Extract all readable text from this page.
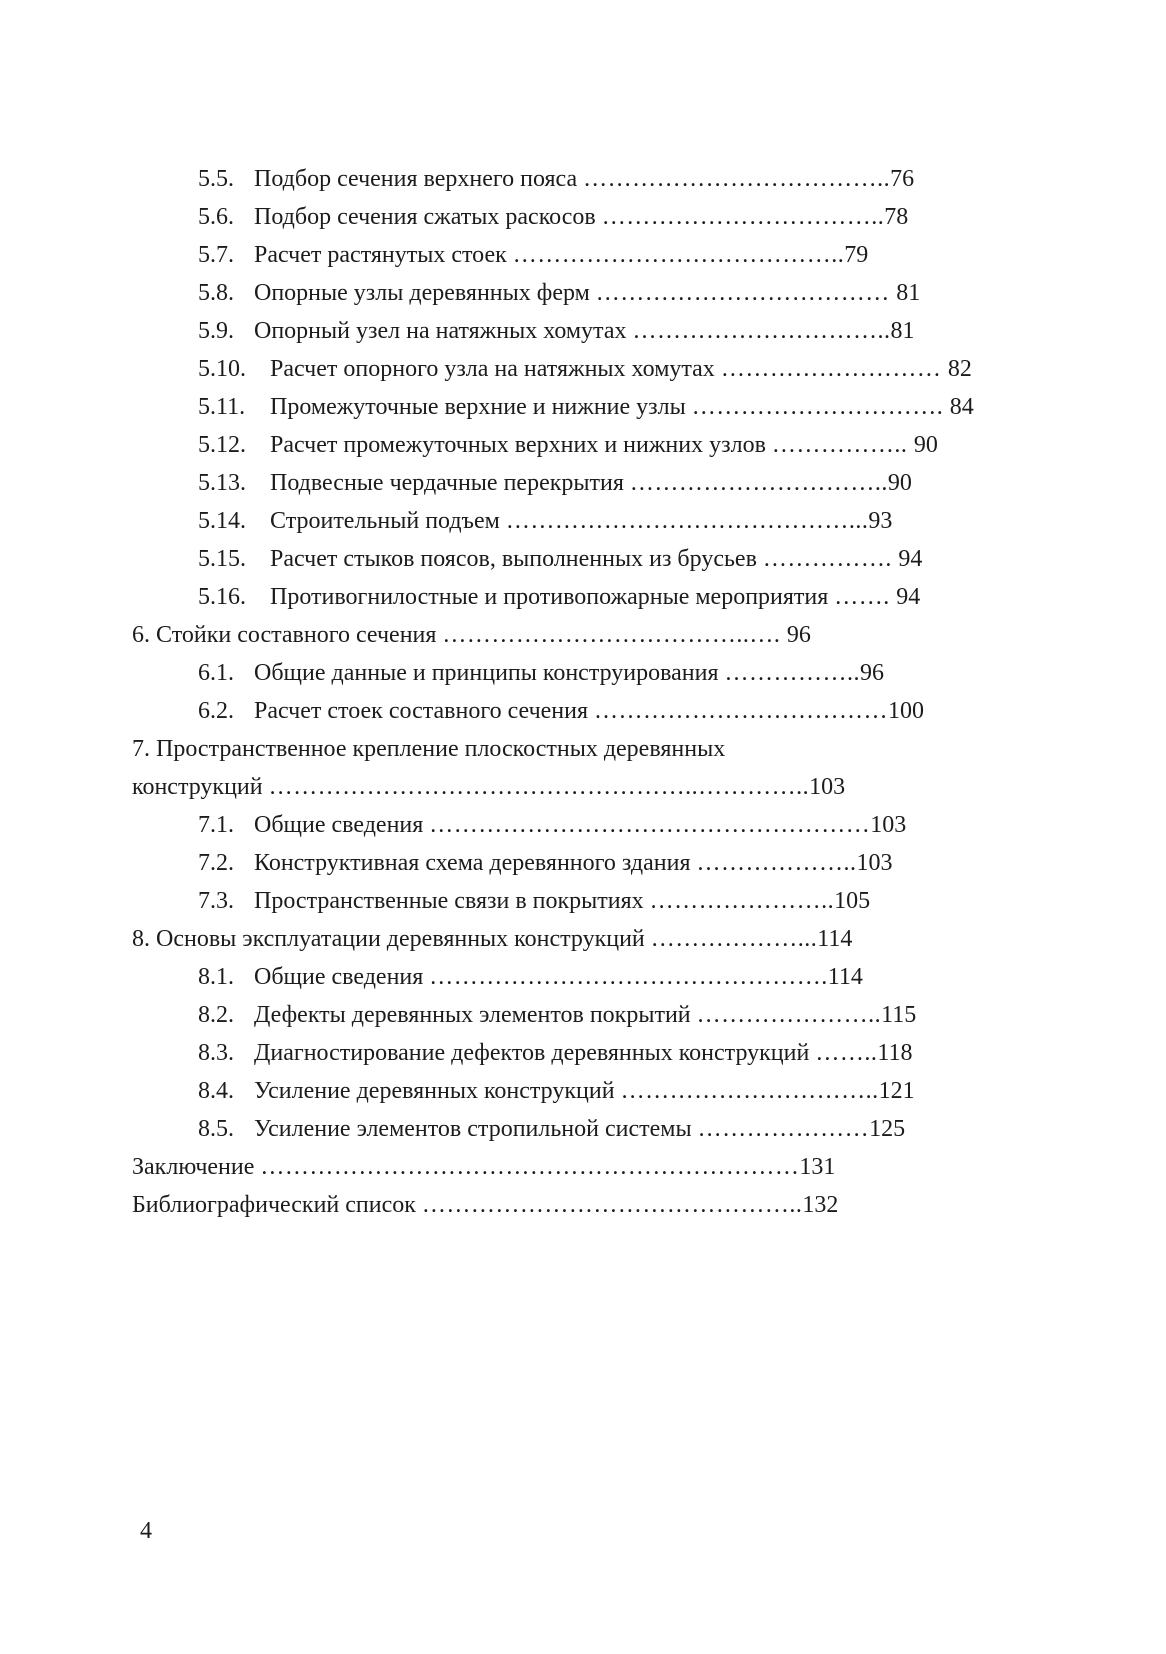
5.5. Подбор сечения верхнего пояса ………………………………..76
5.6. Подбор сечения сжатых раскосов ……………………………..78
5.7. Расчет растянутых стоек …………………………………..79
5.8. Опорные узлы деревянных ферм ……………………………… 81
5.9. Опорный узел на натяжных хомутах …………………………..81
5.10. Расчет опорного узла на натяжных хомутах ……………………… 82
5.11. Промежуточные верхние и нижние узлы …………………………. 84
5.12. Расчет промежуточных верхних и нижних узлов …………….. 90
5.13. Подвесные чердачные перекрытия …………………………..90
5.14. Строительный подъем ……………………………………...93
5.15. Расчет стыков поясов, выполненных из брусьев ……………. 94
5.16. Противогнилостные и противопожарные мероприятия ……. 94
6. Стойки составного сечения ………………………………..…. 96
6.1. Общие данные и принципы конструирования ……………..96
6.2. Расчет стоек составного сечения ………………………………100
7. Пространственное крепление плоскостных деревянных
конструкций ……………………………………………..…………..103
7.1. Общие сведения ………………………………………………103
7.2. Конструктивная схема деревянного здания ………………..103
7.3. Пространственные связи в покрытиях …………………..105
8. Основы эксплуатации деревянных конструкций ………………...114
8.1. Общие сведения ………………………………………….114
8.2. Дефекты деревянных элементов покрытий …………………..115
8.3. Диагностирование дефектов деревянных конструкций ……..118
8.4. Усиление деревянных конструкций …………………………..121
8.5. Усиление элементов стропильной системы …………………125
Заключение …………………………………………………………131
Библиографический список ………………………………………..132
4
